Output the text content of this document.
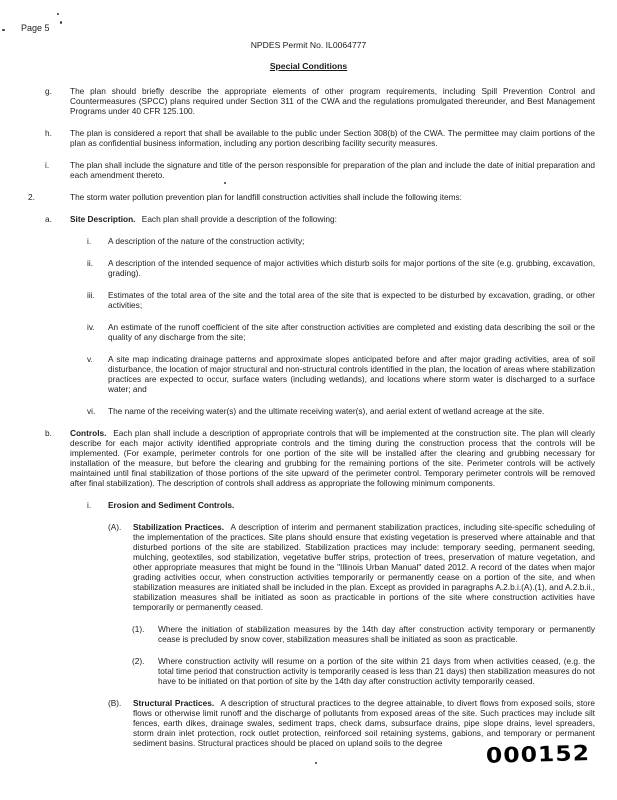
Page 5
NPDES Permit No. IL0064777
Special Conditions
g. The plan should briefly describe the appropriate elements of other program requirements, including Spill Prevention Control and Countermeasures (SPCC) plans required under Section 311 of the CWA and the regulations promulgated thereunder, and Best Management Programs under 40 CFR 125.100.
h. The plan is considered a report that shall be available to the public under Section 308(b) of the CWA. The permittee may claim portions of the plan as confidential business information, including any portion describing facility security measures.
i.	The plan shall include the signature and title of the person responsible for preparation of the plan and include the date of initial preparation and each amendment thereto.
2.	The storm water pollution prevention plan for landfill construction activities shall include the following items:
a. Site Description. Each plan shall provide a description of the following:
i. A description of the nature of the construction activity;
ii. A description of the intended sequence of major activities which disturb soils for major portions of the site (e.g. grubbing, excavation, grading).
iii. Estimates of the total area of the site and the total area of the site that is expected to be disturbed by excavation, grading, or other activities;
iv. An estimate of the runoff coefficient of the site after construction activities are completed and existing data describing the soil or the quality of any discharge from the site;
v. A site map indicating drainage patterns and approximate slopes anticipated before and after major grading activities, area of soil disturbance, the location of major structural and non-structural controls identified in the plan, the location of areas where stabilization practices are expected to occur, surface waters (including wetlands), and locations where storm water is discharged to a surface water; and
vi. The name of the receiving water(s) and the ultimate receiving water(s), and aerial extent of wetland acreage at the site.
b. Controls. Each plan shall include a description of appropriate controls that will be implemented at the construction site. The plan will clearly describe for each major activity identified appropriate controls and the timing during the construction process that the controls will be implemented. (For example, perimeter controls for one portion of the site will be installed after the clearing and grubbing necessary for installation of the measure, but before the clearing and grubbing for the remaining portions of the site. Perimeter controls will be actively maintained until final stabilization of those portions of the site upward of the perimeter control. Temporary perimeter controls will be removed after final stabilization). The description of controls shall address as appropriate the following minimum components.
i. Erosion and Sediment Controls.
(A). Stabilization Practices. A description of interim and permanent stabilization practices, including site-specific scheduling of the implementation of the practices. Site plans should ensure that existing vegetation is preserved where attainable and that disturbed portions of the site are stabilized. Stabilization practices may include: temporary seeding, permanent seeding, mulching, geotextiles, sod stabilization, vegetative buffer strips, protection of trees, preservation of mature vegetation, and other appropriate measures that might be found in the "Illinois Urban Manual" dated 2012. A record of the dates when major grading activities occur, when construction activities temporarily or permanently cease on a portion of the site, and when stabilization measures are initiated shall be included in the plan. Except as provided in paragraphs A.2.b.i.(A).(1), and A.2.b.ii., stabilization measures shall be initiated as soon as practicable in portions of the site where construction activities have temporarily or permanently ceased.
(1). Where the initiation of stabilization measures by the 14th day after construction activity temporary or permanently cease is precluded by snow cover, stabilization measures shall be initiated as soon as practicable.
(2). Where construction activity will resume on a portion of the site within 21 days from when activities ceased, (e.g. the total time period that construction activity is temporarily ceased is less than 21 days) then stabilization measures do not have to be initiated on that portion of site by the 14th day after construction activity temporarily ceased.
(B). Structural Practices. A description of structural practices to the degree attainable, to divert flows from exposed soils, store flows or otherwise limit runoff and the discharge of pollutants from exposed areas of the site. Such practices may include silt fences, earth dikes, drainage swales, sediment traps, check dams, subsurface drains, pipe slope drains, level spreaders, storm drain inlet protection, rock outlet protection, reinforced soil retaining systems, gabions, and temporary or permanent sediment basins. Structural practices should be placed on upland soils to the degree	000152
